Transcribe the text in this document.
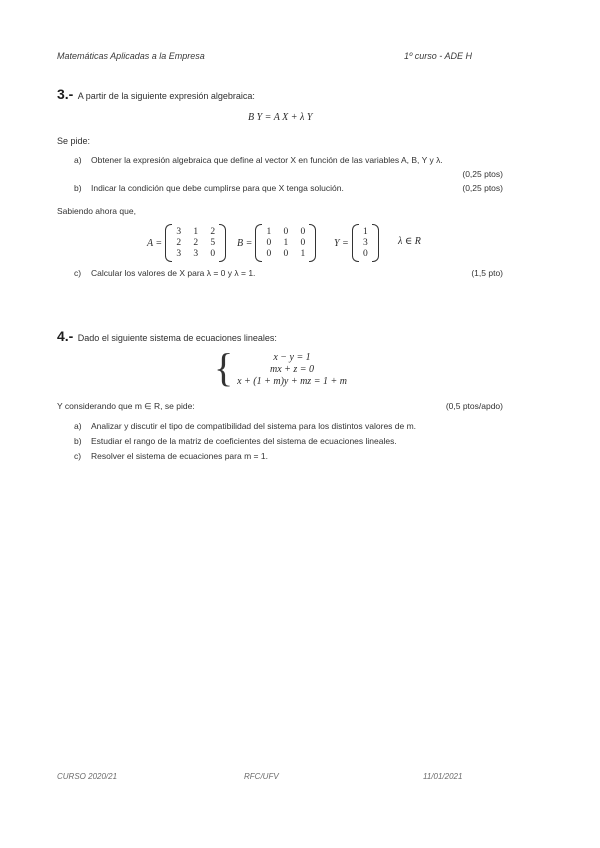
Matemáticas Aplicadas a la Empresa	1º curso - ADE H
3.- A partir de la siguiente expresión algebraica:
B Y = A X + λ Y
Se pide:
a) Obtener la expresión algebraica que define al vector X en función de las variables A, B, Y y λ.
(0,25 ptos)
b) Indicar la condición que debe cumplirse para que X tenga solución.	(0,25 ptos)
Sabiendo ahora que,
A =
3 1 2
2 2 5
3 3 0
B =
1 0 0
0 1 0
0 0 1
Y =
1
3
0
λ ∈ R
c) Calcular los valores de X para λ = 0 y λ = 1.	(1,5 pto)
4.- Dado el siguiente sistema de ecuaciones lineales:
{	x − y = 1
mx + z = 0
x + (1 + m)y + mz = 1 + m
Y considerando que m ∈ R, se pide:	(0,5 ptos/apdo)
a) Analizar y discutir el tipo de compatibilidad del sistema para los distintos valores de m.
b) Estudiar el rango de la matriz de coeficientes del sistema de ecuaciones lineales.
c) Resolver el sistema de ecuaciones para m = 1.
CURSO 2020/21	RFC/UFV	11/01/2021
